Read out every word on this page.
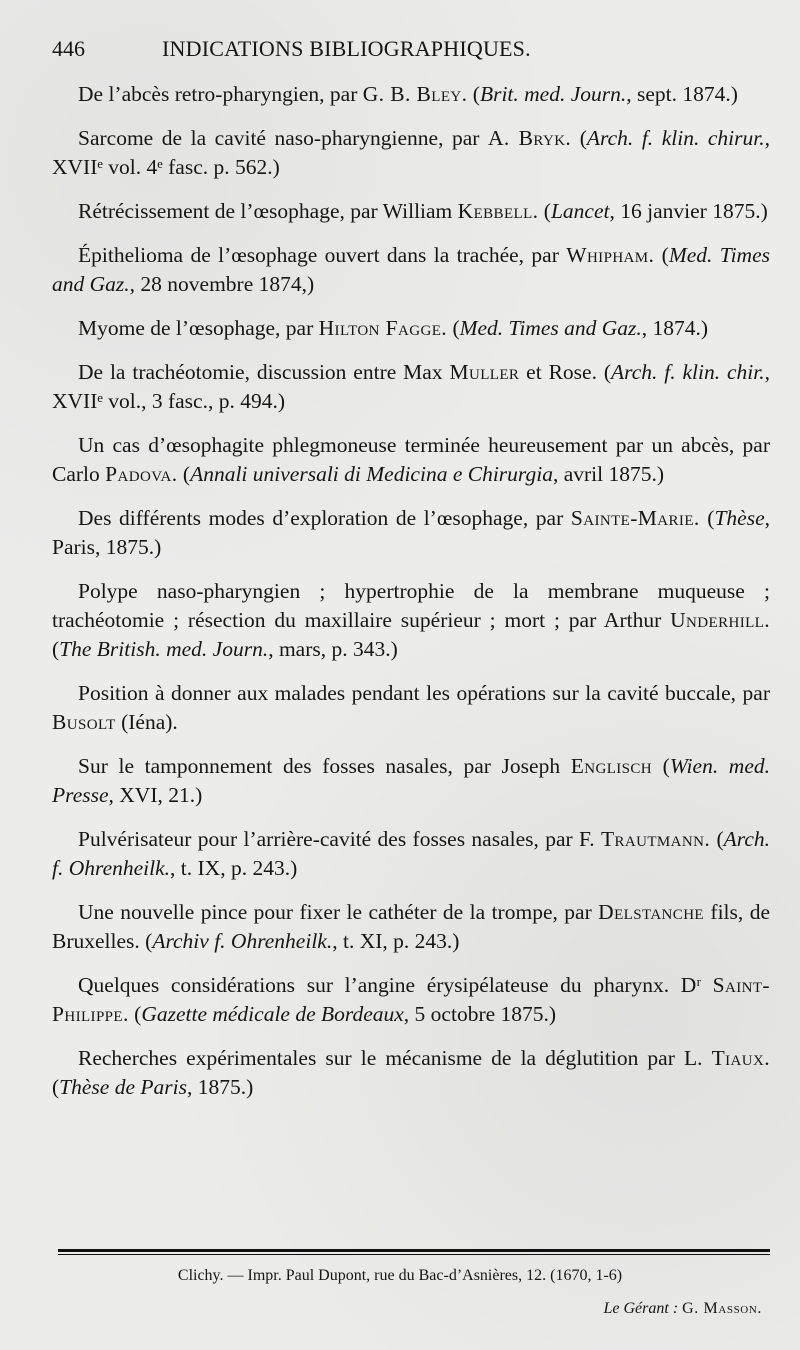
446	INDICATIONS BIBLIOGRAPHIQUES.

De l’abcès retro-pharyngien, par G. B. Bley. (Brit. med. Journ., sept. 1874.)

Sarcome de la cavité naso-pharyngienne, par A. Bryk. (Arch. f. klin. chirur., XVIIᵉ vol. 4ᵉ fasc. p. 562.)

Rétrécissement de l’œsophage, par William Kebbell. (Lancet, 16 janvier 1875.)

Épithelioma de l’œsophage ouvert dans la trachée, par Whipham. (Med. Times and Gaz., 28 novembre 1874,)

Myome de l’œsophage, par Hilton Fagge. (Med. Times and Gaz., 1874.)

De la trachéotomie, discussion entre Max Muller et Rose. (Arch. f. klin. chir., XVIIᵉ vol., 3 fasc., p. 494.)

Un cas d’œsophagite phlegmoneuse terminée heureusement par un abcès, par Carlo Padova. (Annali universali di Medicina e Chirurgia, avril 1875.)

Des différents modes d’exploration de l’œsophage, par Sainte-Marie. (Thèse, Paris, 1875.)

Polype naso-pharyngien ; hypertrophie de la membrane muqueuse ; trachéotomie ; résection du maxillaire supérieur ; mort ; par Arthur Underhill. (The British. med. Journ., mars, p. 343.)

Position à donner aux malades pendant les opérations sur la cavité buccale, par Busolt (Iéna).

Sur le tamponnement des fosses nasales, par Joseph Englisch (Wien. med. Presse, XVI, 21.)

Pulvérisateur pour l’arrière-cavité des fosses nasales, par F. Trautmann. (Arch. f. Ohrenheilk., t. IX, p. 243.)

Une nouvelle pince pour fixer le cathéter de la trompe, par Delstanche fils, de Bruxelles. (Archiv f. Ohrenheilk., t. XI, p. 243.)

Quelques considérations sur l’angine érysipélateuse du pharynx. Dʳ Saint-Philippe. (Gazette médicale de Bordeaux, 5 octobre 1875.)

Recherches expérimentales sur le mécanisme de la déglutition par L. Tiaux. (Thèse de Paris, 1875.)

Clichy. — Impr. Paul Dupont, rue du Bac-d’Asnières, 12. (1670, 1-6)
Le Gérant : G. Masson.
